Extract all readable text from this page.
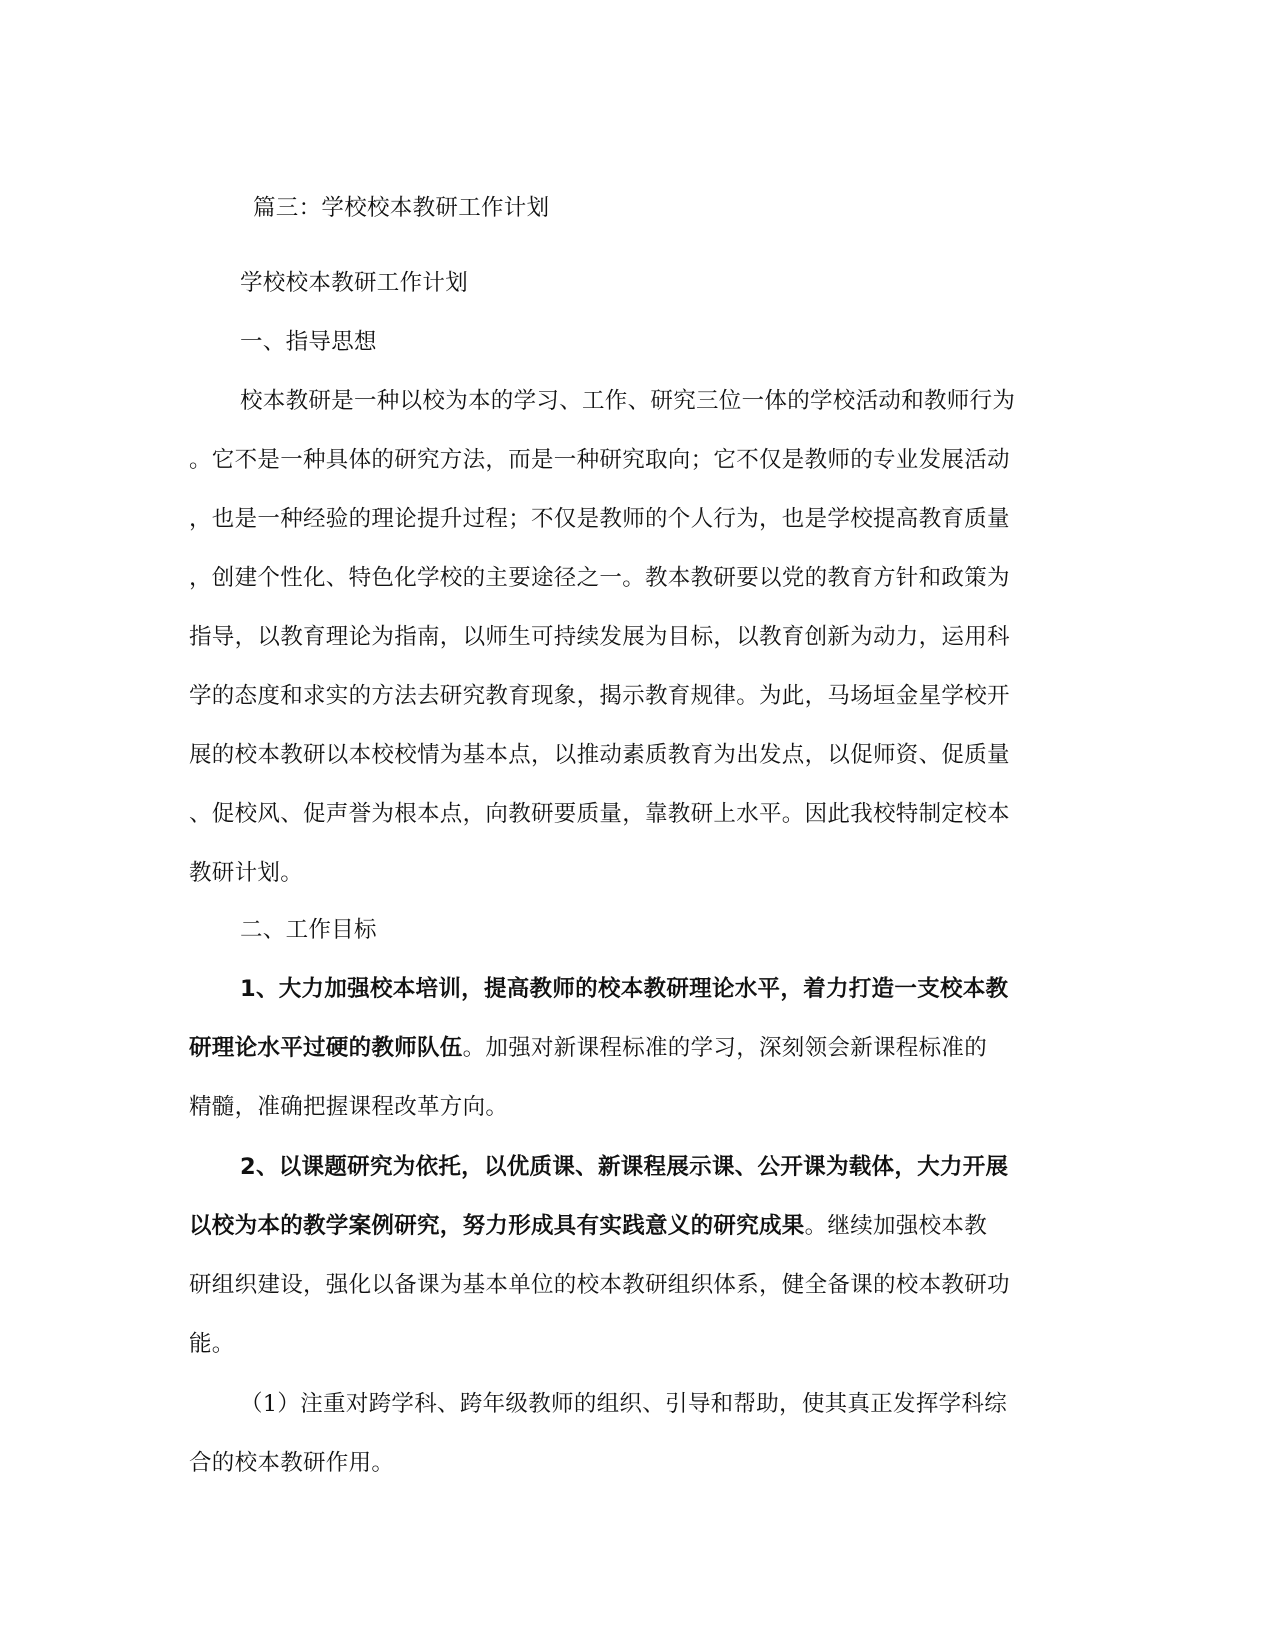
篇三：学校校本教研工作计划
学校校本教研工作计划
一、指导思想
校本教研是一种以校为本的学习、工作、研究三位一体的学校活动和教师行为
。它不是一种具体的研究方法，而是一种研究取向；它不仅是教师的专业发展活动
，也是一种经验的理论提升过程；不仅是教师的个人行为，也是学校提高教育质量
，创建个性化、特色化学校的主要途径之一。教本教研要以党的教育方针和政策为
指导，以教育理论为指南，以师生可持续发展为目标，以教育创新为动力，运用科
学的态度和求实的方法去研究教育现象，揭示教育规律。为此，马场垣金星学校开
展的校本教研以本校校情为基本点，以推动素质教育为出发点，以促师资、促质量
、促校风、促声誉为根本点，向教研要质量，靠教研上水平。因此我校特制定校本
教研计划。
二、工作目标
1、大力加强校本培训，提高教师的校本教研理论水平，着力打造一支校本教
研理论水平过硬的教师队伍。加强对新课程标准的学习，深刻领会新课程标准的
精髓，准确把握课程改革方向。
2、以课题研究为依托，以优质课、新课程展示课、公开课为载体，大力开展
以校为本的教学案例研究，努力形成具有实践意义的研究成果。继续加强校本教
研组织建设，强化以备课为基本单位的校本教研组织体系，健全备课的校本教研功
能。
（1）注重对跨学科、跨年级教师的组织、引导和帮助，使其真正发挥学科综
合的校本教研作用。
